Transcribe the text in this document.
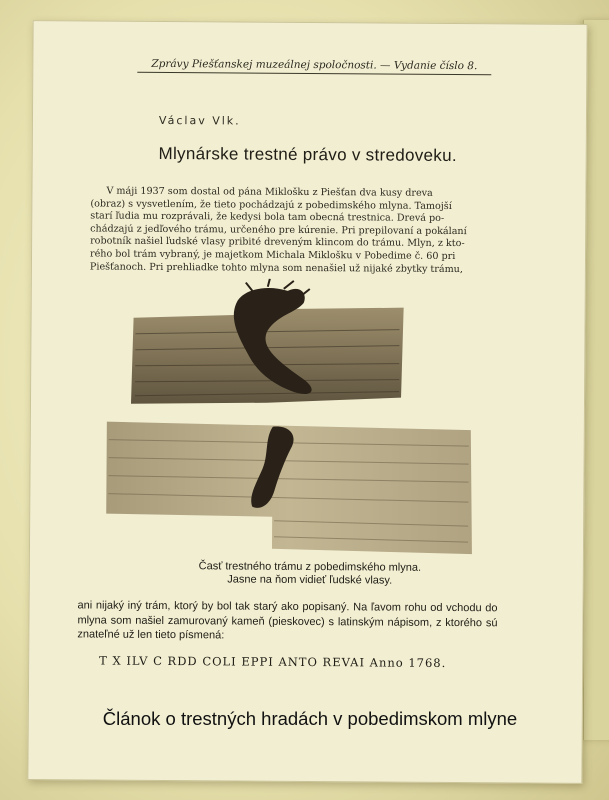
Zprávy Piešťanskej muzeálnej spoločnosti. — Vydanie číslo 8.
Václav Vlk.
Mlynárske trestné právo v stredoveku.

V máji 1937 som dostal od pána Miklošku z Piešťan dva kusy dreva

(obraz) s vysvetlením, že tieto pochádzajú z pobedimského mlyna. Tamojší
starí ľudia mu rozprávali, že kedysi bola tam obecná trestnica. Drevá po-
chádzajú z jedľového trámu, určeného pre kúrenie. Pri prepilovaní a pokálaní
robotník našiel ľudské vlasy pribité dreveným klincom do trámu. Mlyn, z kto-
rého bol trám vybraný, je majetkom Michala Miklošku v Pobedime č. 60 pri
Piešťanoch. Pri prehliadke tohto mlyna som nenašiel už nijaké zbytky trámu,
Časť trestného trámu z pobedimského mlyna.
Jasne na ňom vidieť ľudské vlasy.
ani nijaký iný trám, ktorý by bol tak starý ako popisaný. Na ľavom rohu od vchodu do mlyna som našiel zamurovaný kameň (pieskovec) s latinským nápisom, z ktorého sú znateľné už len tieto písmená:
T X ILV C RDD COLI EPPI ANTO REVAI Anno 1768.
Článok o trestných hradách v pobedimskom mlyne
